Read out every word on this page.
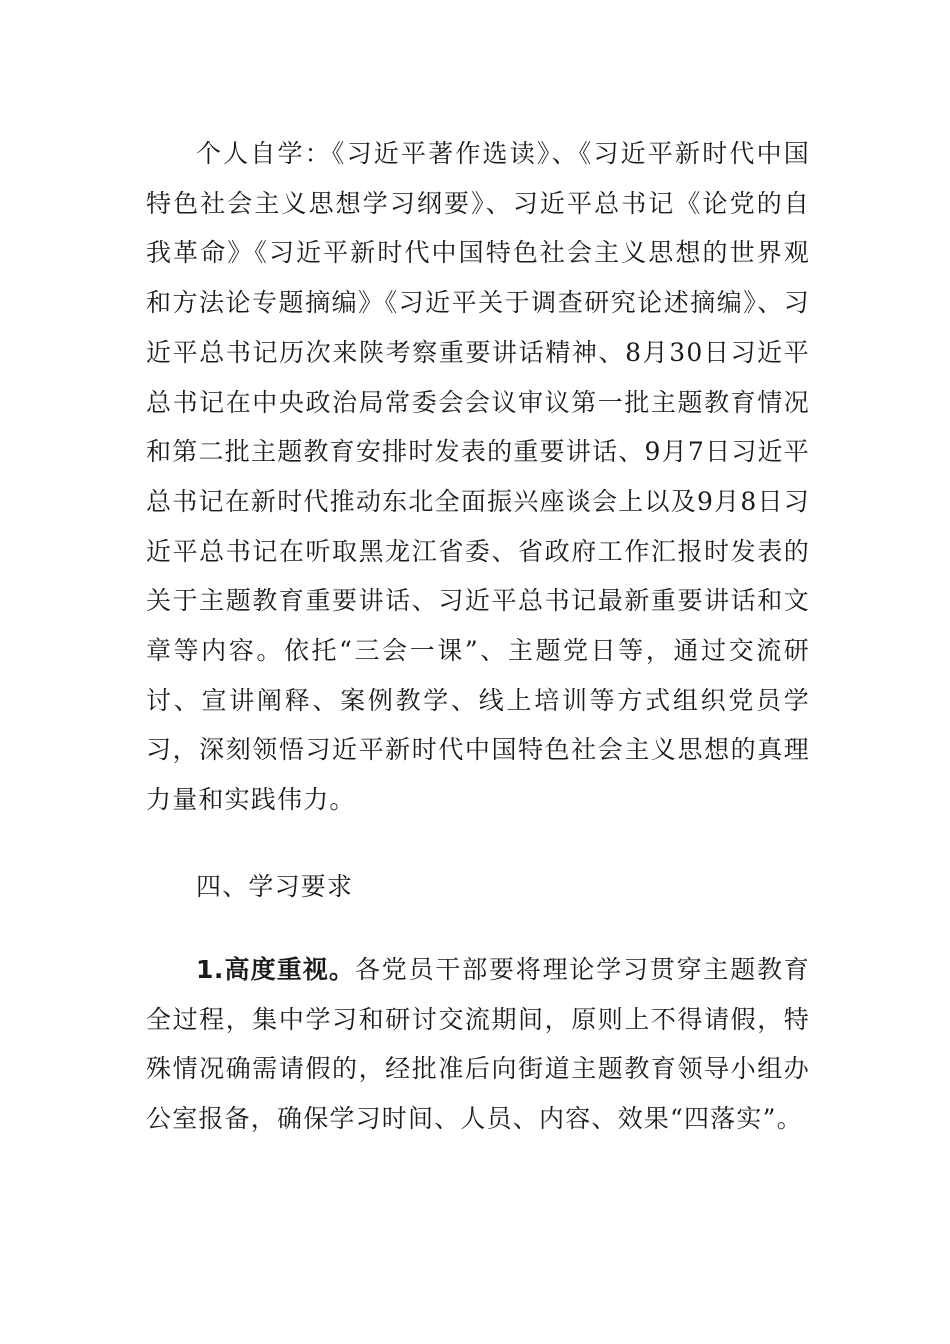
个人自学：《习近平著作选读》、《习近平新时代中国特色社会主义思想学习纲要》、习近平总书记《论党的自我革命》《习近平新时代中国特色社会主义思想的世界观和方法论专题摘编》《习近平关于调查研究论述摘编》、习近平总书记历次来陕考察重要讲话精神、8月30日习近平总书记在中央政治局常委会会议审议第一批主题教育情况和第二批主题教育安排时发表的重要讲话、9月7日习近平总书记在新时代推动东北全面振兴座谈会上以及9月8日习近平总书记在听取黑龙江省委、省政府工作汇报时发表的关于主题教育重要讲话、习近平总书记最新重要讲话和文章等内容。依托“三会一课”、主题党日等，通过交流研讨、宣讲阐释、案例教学、线上培训等方式组织党员学习，深刻领悟习近平新时代中国特色社会主义思想的真理力量和实践伟力。

四、学习要求

1.高度重视。各党员干部要将理论学习贯穿主题教育全过程，集中学习和研讨交流期间，原则上不得请假，特殊情况确需请假的，经批准后向街道主题教育领导小组办公室报备，确保学习时间、人员、内容、效果“四落实”。
